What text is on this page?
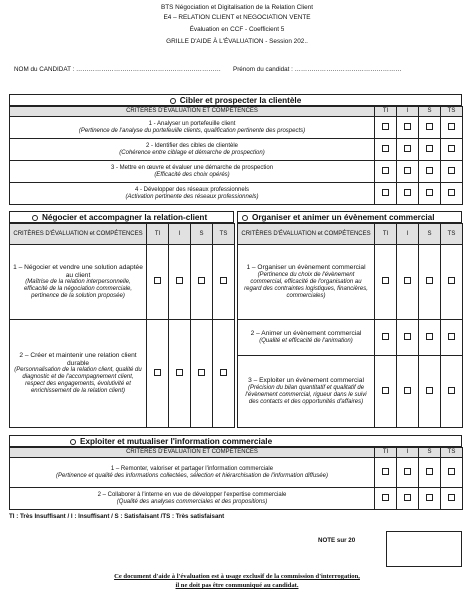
BTS Négociation et Digitalisation de la Relation Client
E4 – RELATION CLIENT et NEGOCIATION VENTE
Évaluation en CCF - Coefficient 5
GRILLE D'AIDE À L'ÉVALUATION - Session 202..
NOM du CANDIDAT : …………………………………………………………… Prénom du candidat : ……………………………………………
Cibler et prospecter la clientèle
CRITÈRES D'ÉVALUATION ET COMPÉTENCES	TI	I	S	TS

1 - Analyser un portefeuille client
(Pertinence de l'analyse du portefeuille clients, qualification pertinente des prospects)				

2 - Identifier des cibles de clientèle
(Cohérence entre ciblage et démarche de prospection)				

3 - Mettre en œuvre et évaluer une démarche de prospection
(Efficacité des choix opérés)				

4 - Développer des réseaux professionnels
(Activation pertinente des réseaux professionnels)				

Négocier et accompagner la relation-client
CRITÈRES D'ÉVALUATION et COMPÉTENCES	TI	I	S	TS

1 – Négocier et vendre une solution adaptée au client
(Maîtrise de la relation interpersonnelle, efficacité de la négociation commerciale, pertinence de la solution proposée)				

2 – Créer et maintenir une relation client durable
(Personnalisation de la relation client, qualité du diagnostic et de l'accompagnement client, respect des engagements, évolutivité et enrichissement de la relation client)				

Organiser et animer un évènement commercial
CRITÈRES D'ÉVALUATION et COMPÉTENCES	TI	I	S	TS

1 – Organiser un évènement commercial
(Pertinence du choix de l'évènement commercial, efficacité de l'organisation au regard des contraintes logistiques, financières, commerciales)				

2 – Animer un évènement commercial
(Qualité et efficacité de l'animation)				

3 – Exploiter un évènement commercial
(Précision du bilan quantitatif et qualitatif de l'évènement commercial, rigueur dans le suivi des contacts et des opportunités d'affaires)				

Exploiter et mutualiser l'information commerciale
CRITÈRES D'ÉVALUATION ET COMPÉTENCES	TI	I	S	TS

1 – Remonter, valoriser et partager l'information commerciale
(Pertinence et qualité des informations collectées, sélection et hiérarchisation de l'information diffusée)				

2 – Collaborer à l'interne en vue de développer l'expertise commerciale
(Qualité des analyses commerciales et des propositions)				

TI : Très Insuffisant / I : Insuffisant / S : Satisfaisant /TS : Très satisfaisant
NOTE sur 20
Ce document d'aide à l'évaluation est à usage exclusif de la commission d'interrogation,
il ne doit pas être communiqué au candidat.
